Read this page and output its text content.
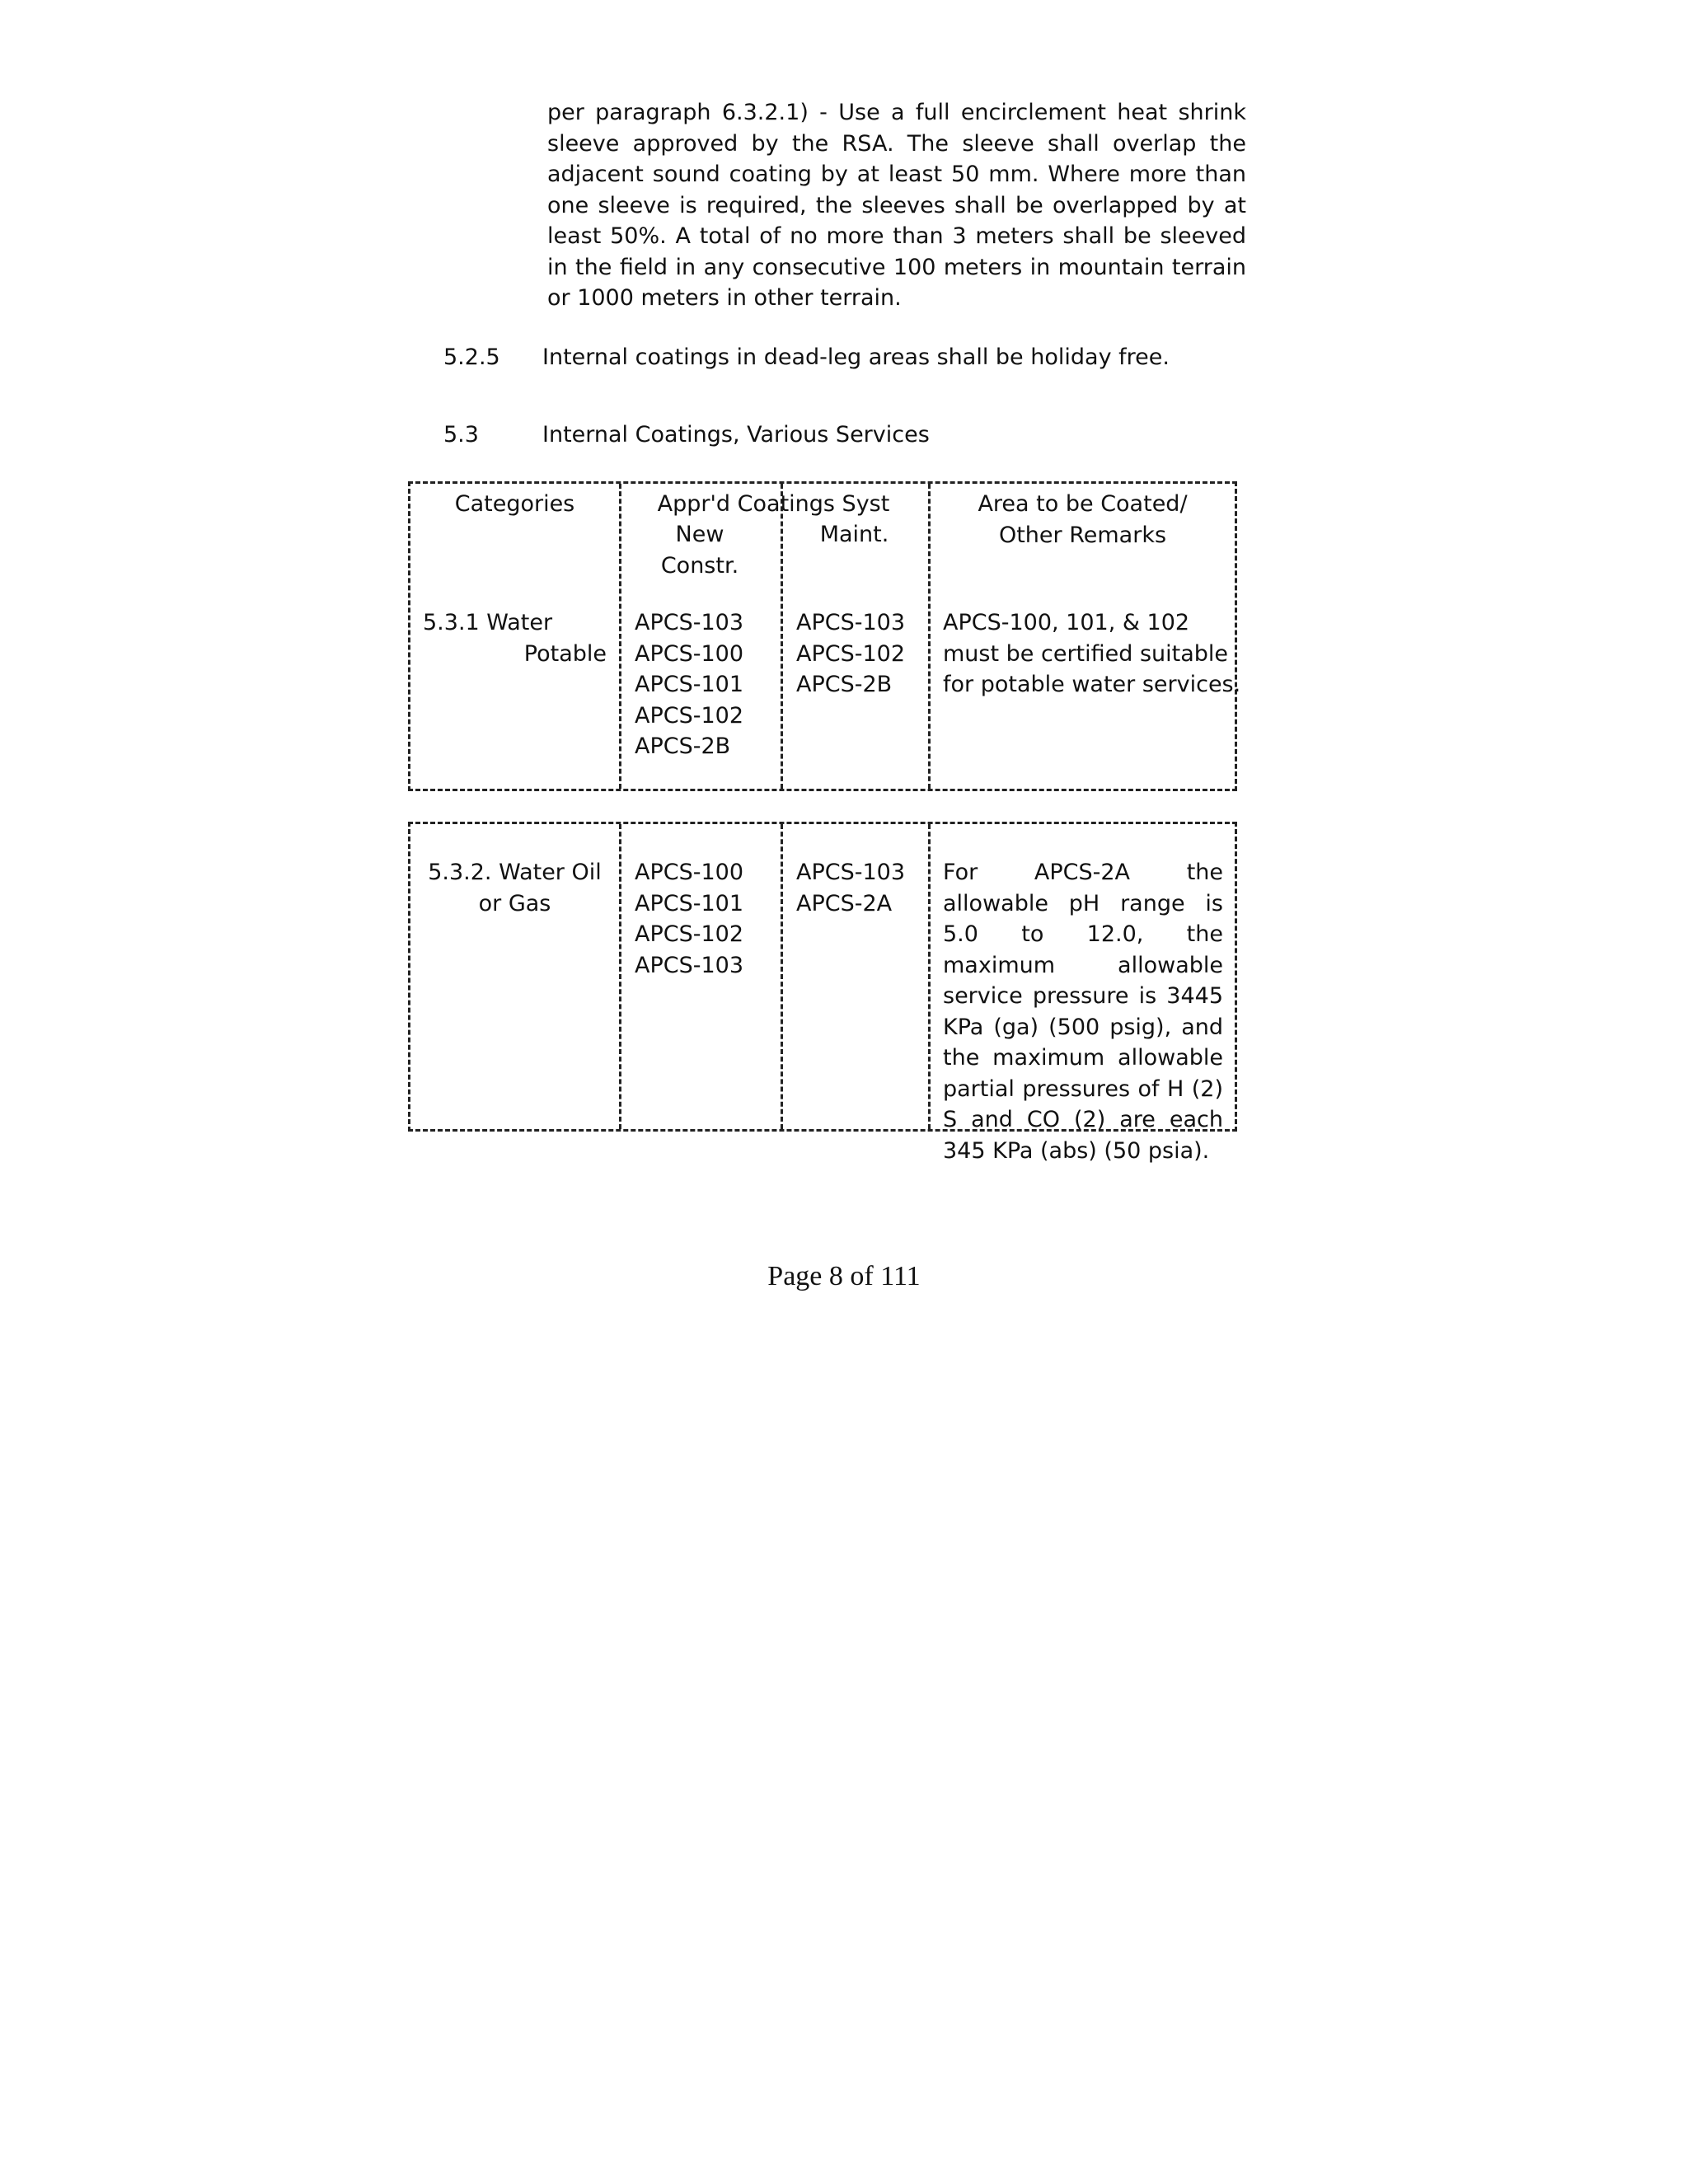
per paragraph 6.3.2.1) - Use a full encirclement heat shrink sleeve approved by the RSA. The sleeve shall overlap the adjacent sound coating by at least 50 mm. Where more than one sleeve is required, the sleeves shall be overlapped by at least 50%. A total of no more than 3 meters shall be sleeved in the field in any consecutive 100 meters in mountain terrain or 1000 meters in other terrain.
5.2.5 Internal coatings in dead-leg areas shall be holiday free.
5.3	Internal Coatings, Various Services
Categories	Appr'd Coatings Syst
New
Constr.
Maint.
Area to be Coated/
Other Remarks
5.3.1 Water
Potable
APCS-103
APCS-100
APCS-101
APCS-102
APCS-2B
APCS-103
APCS-102
APCS-2B
APCS-100, 101, & 102
must be certified suitable
for potable water services.
5.3.2. Water Oil
or Gas
APCS-100
APCS-101
APCS-102
APCS-103
APCS-103
APCS-2A
For APCS-2A the allowable pH range is 5.0 to 12.0, the maximum allowable service pressure is 3445 KPa (ga) (500 psig), and the maximum allowable partial pressures of H (2) S and CO (2) are each 345 KPa (abs) (50 psia).
Page 8 of 111
